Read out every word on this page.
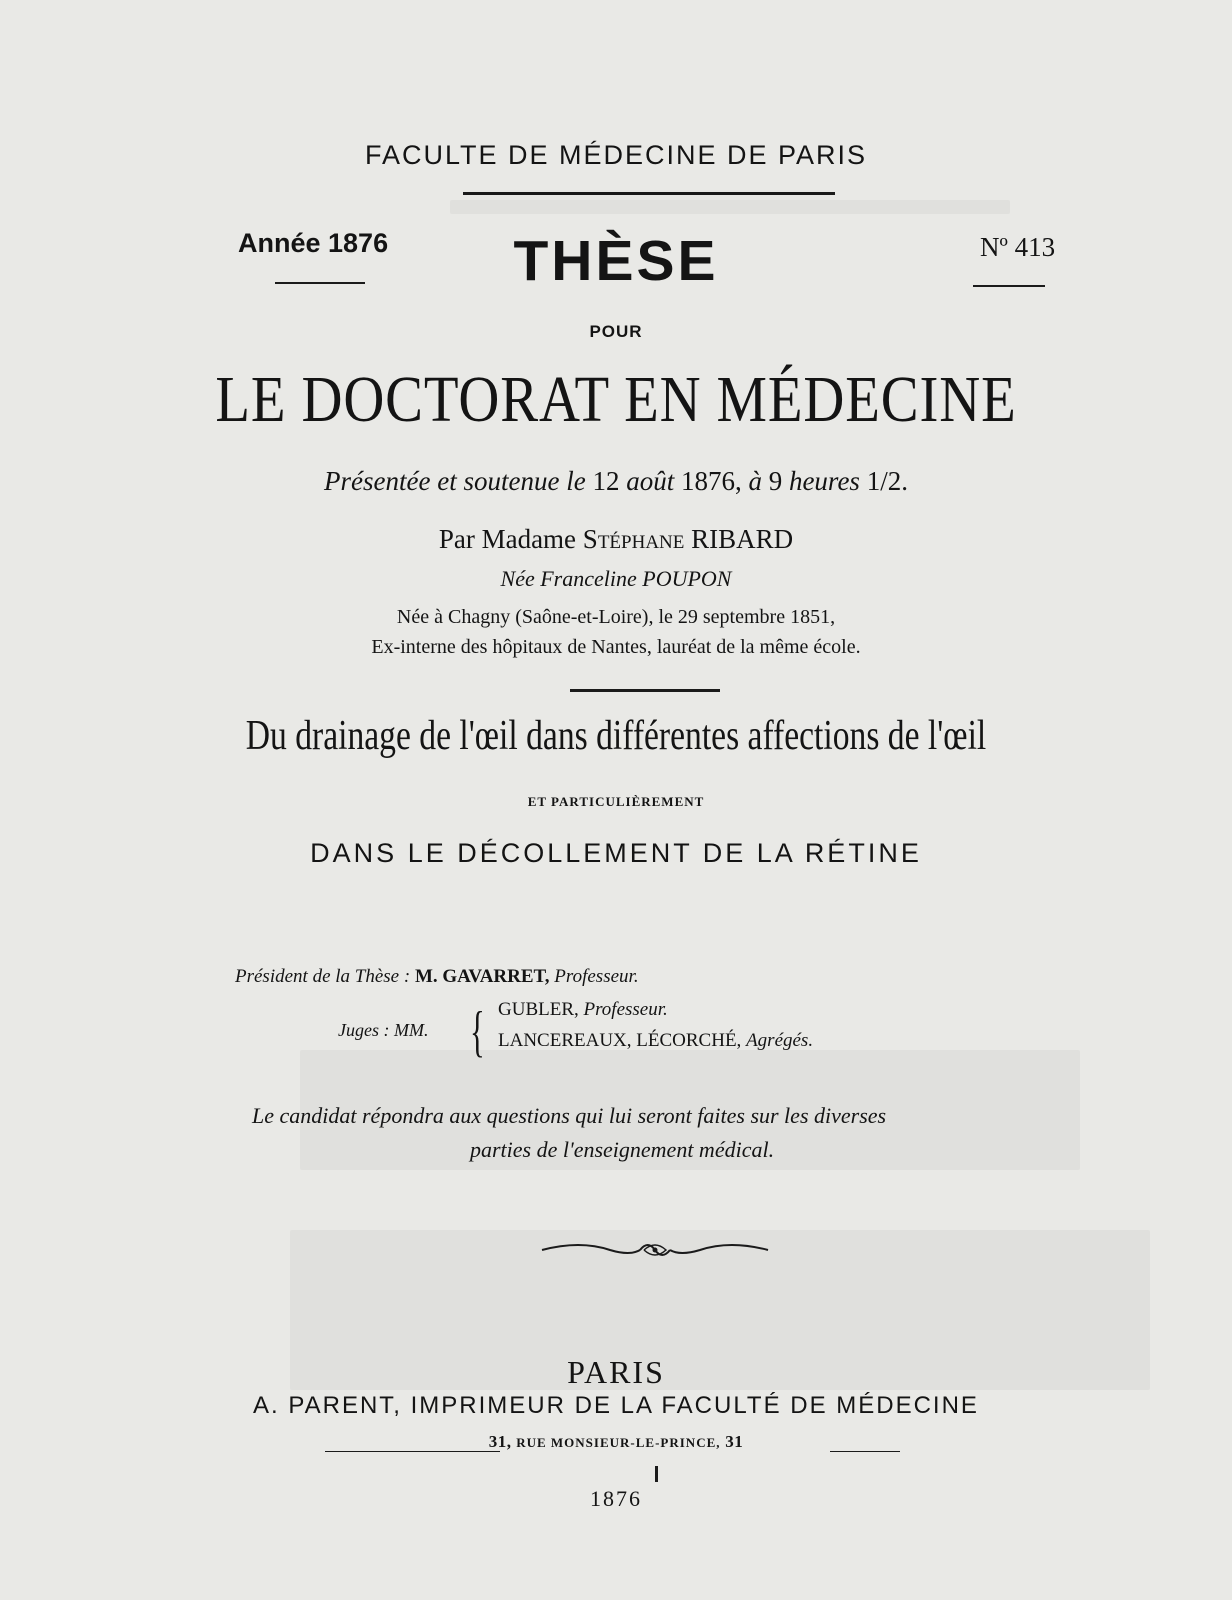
FACULTE DE MÉDECINE DE PARIS
Année 1876	THÈSE	Nº 413
POUR
LE DOCTORAT EN MÉDECINE
Présentée et soutenue le 12 août 1876, à 9 heures 1/2.
Par Madame Stéphane RIBARD
Née Franceline POUPON
Née à Chagny (Saône-et-Loire), le 29 septembre 1851,
Ex-interne des hôpitaux de Nantes, lauréat de la même école.
Du drainage de l'œil dans différentes affections de l'œil
ET PARTICULIÈREMENT
DANS LE DÉCOLLEMENT DE LA RÉTINE
Président de la Thèse : M. GAVARRET, Professeur.
Juges : MM. { GUBLER, Professeur.
LANCEREAUX, LÉCORCHÉ, Agrégés.
Le candidat répondra aux questions qui lui seront faites sur les diverses
parties de l'enseignement médical.
PARIS
A. PARENT, IMPRIMEUR DE LA FACULTÉ DE MÉDECINE
31, RUE MONSIEUR-LE-PRINCE, 31
1876
